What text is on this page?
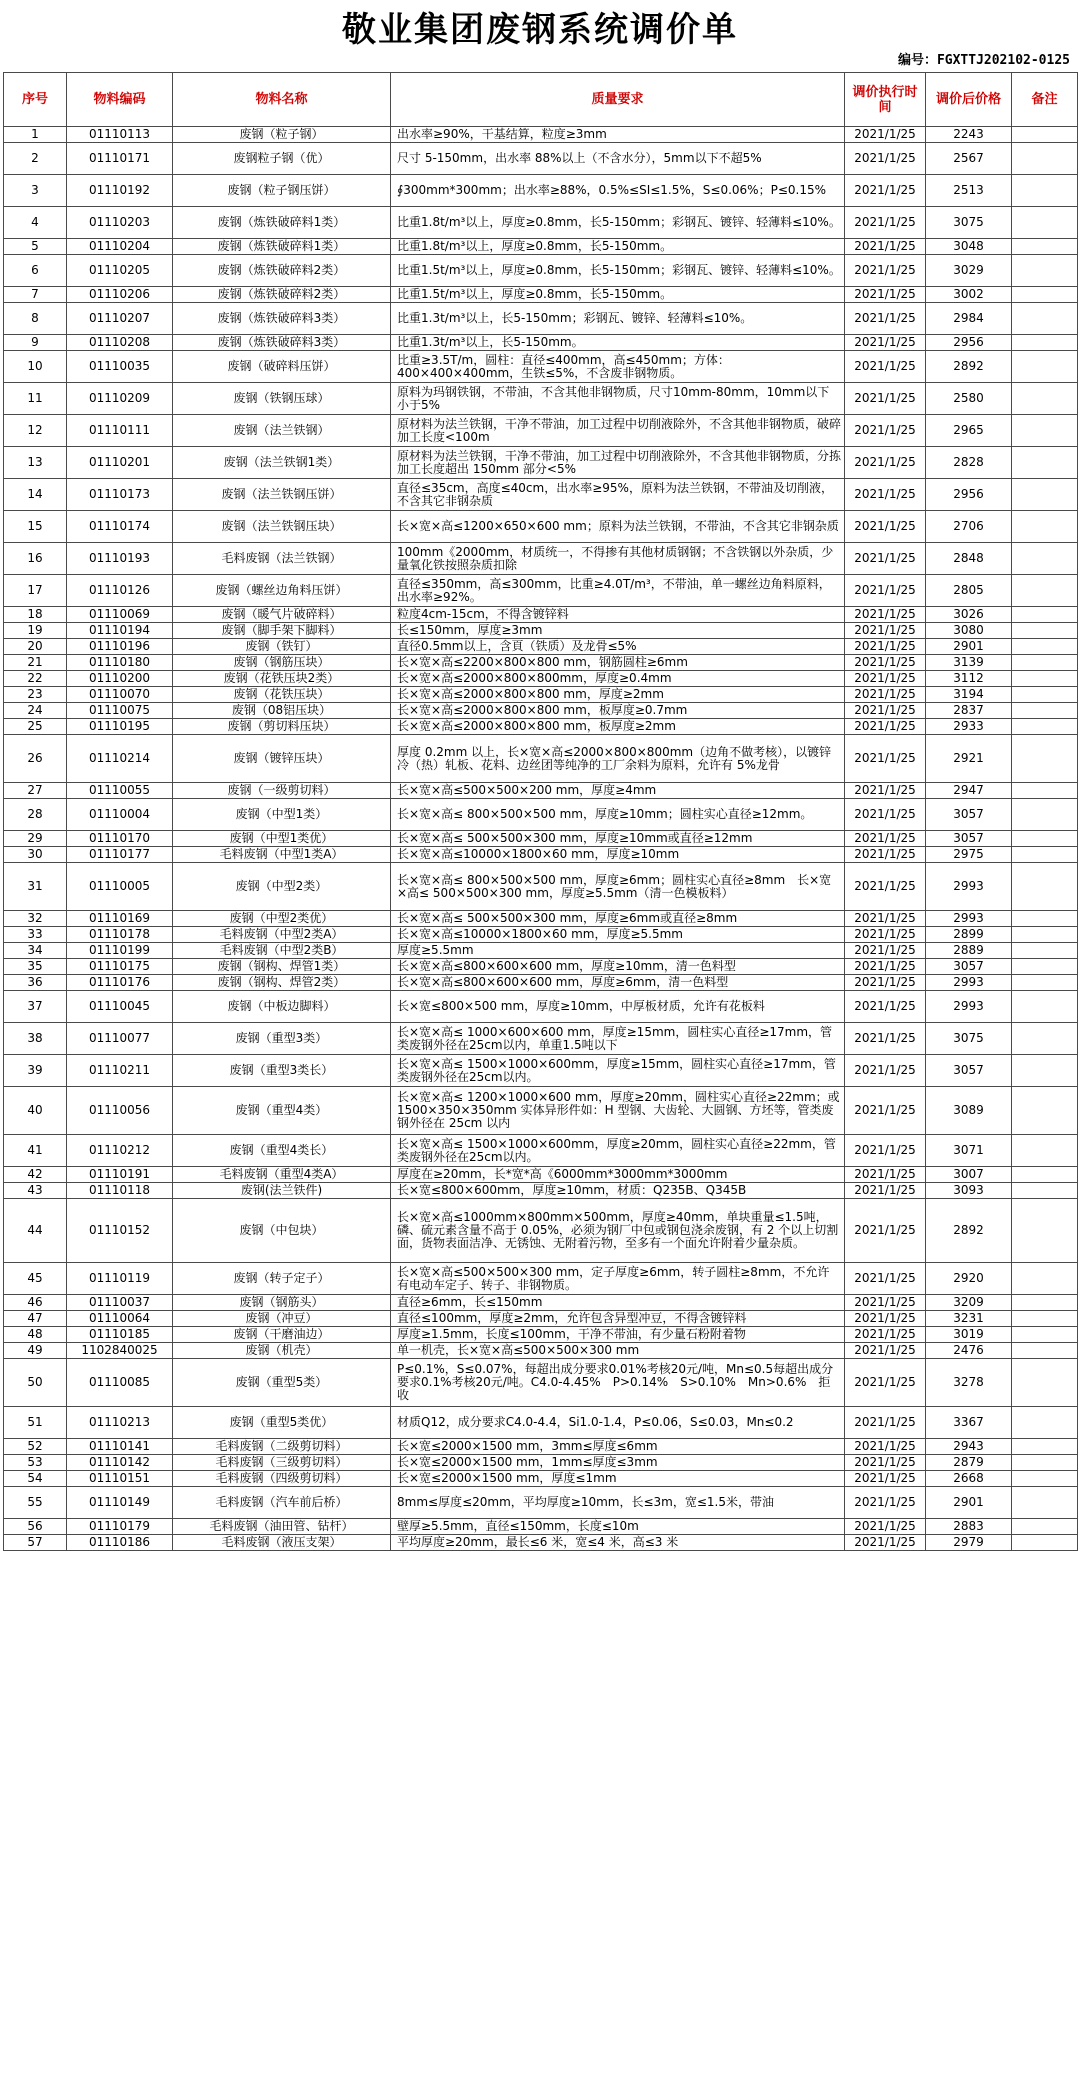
敬业集团废钢系统调价单
编号：FGXTTJ202102-0125
序号	物料编码	物料名称	质量要求	调价执行时间	调价后价格	备注
1	01110113	废钢（粒子钢）	出水率≥90%，干基结算，粒度≥3mm	2021/1/25	2243	
2	01110171	废钢粒子钢（优）	尺寸 5-150mm，出水率 88%以上（不含水分），5mm以下不超5%	2021/1/25	2567	
3	01110192	废钢（粒子钢压饼）	∮300mm*300mm；出水率≥88%，0.5%≤SI≤1.5%，S≤0.06%；P≤0.15%	2021/1/25	2513	
4	01110203	废钢（炼铁破碎料1类）	比重1.8t/m³以上，厚度≥0.8mm，长5-150mm；彩钢瓦、镀锌、轻薄料≤10%。	2021/1/25	3075	
5	01110204	废钢（炼铁破碎料1类）	比重1.8t/m³以上，厚度≥0.8mm，长5-150mm。	2021/1/25	3048	
6	01110205	废钢（炼铁破碎料2类）	比重1.5t/m³以上，厚度≥0.8mm，长5-150mm；彩钢瓦、镀锌、轻薄料≤10%。	2021/1/25	3029	
7	01110206	废钢（炼铁破碎料2类）	比重1.5t/m³以上，厚度≥0.8mm，长5-150mm。	2021/1/25	3002	
8	01110207	废钢（炼铁破碎料3类）	比重1.3t/m³以上，长5-150mm；彩钢瓦、镀锌、轻薄料≤10%。	2021/1/25	2984	
9	01110208	废钢（炼铁破碎料3类）	比重1.3t/m³以上，长5-150mm。	2021/1/25	2956	
10	01110035	废钢（破碎料压饼）	比重≥3.5T/m，圆柱：直径≤400mm，高≤450mm；方体：400×400×400mm，生铁≤5%，不含废非钢物质。	2021/1/25	2892	
11	01110209	废钢（铁钢压球）	原料为玛钢铁钢，不带油，不含其他非钢物质，尺寸10mm-80mm，10mm以下小于5%	2021/1/25	2580	
12	01110111	废钢（法兰铁钢）	原材料为法兰铁钢，干净不带油，加工过程中切削液除外，不含其他非钢物质，破碎加工长度<100m	2021/1/25	2965	
13	01110201	废钢（法兰铁钢1类）	原材料为法兰铁钢，干净不带油，加工过程中切削液除外，不含其他非钢物质，分拣加工长度超出 150mm 部分<5%	2021/1/25	2828	
14	01110173	废钢（法兰铁钢压饼）	直径≤35cm，高度≤40cm，出水率≥95%，原料为法兰铁钢，不带油及切削液，不含其它非钢杂质	2021/1/25	2956	
15	01110174	废钢（法兰铁钢压块）	长×宽×高≤1200×650×600 mm；原料为法兰铁钢，不带油，不含其它非钢杂质	2021/1/25	2706	
16	01110193	毛料废钢（法兰铁钢）	100mm《2000mm，材质统一，不得掺有其他材质钢钢；不含铁钢以外杂质，少量氧化铁按照杂质扣除	2021/1/25	2848	
17	01110126	废钢（螺丝边角料压饼）	直径≤350mm，高≤300mm，比重≥4.0T/m³，不带油，单一螺丝边角料原料，出水率≥92%。	2021/1/25	2805	
18	01110069	废钢（暖气片破碎料）	粒度4cm-15cm，不得含镀锌料	2021/1/25	3026	
19	01110194	废钢（脚手架下脚料）	长≤150mm，厚度≥3mm	2021/1/25	3080	
20	01110196	废钢（铁钉）	直径0.5mm以上，含頁（铁质）及龙骨≤5%	2021/1/25	2901	
21	01110180	废钢（钢筋压块）	长×宽×高≤2200×800×800 mm，钢筋圆柱≥6mm	2021/1/25	3139	
22	01110200	废钢（花铁压块2类）	长×宽×高≤2000×800×800mm，厚度≥0.4mm	2021/1/25	3112	
23	01110070	废钢（花铁压块）	长×宽×高≤2000×800×800 mm，厚度≥2mm	2021/1/25	3194	
24	01110075	废钢（08铝压块）	长×宽×高≤2000×800×800 mm，板厚度≥0.7mm	2021/1/25	2837	
25	01110195	废钢（剪切料压块）	长×宽×高≤2000×800×800 mm，板厚度≥2mm	2021/1/25	2933	
26	01110214	废钢（镀锌压块）	厚度 0.2mm 以上，长×宽×高≤2000×800×800mm（边角不做考核），以镀锌冷（热）轧板、花料、边丝团等纯净的工厂余料为原料，允许有 5%龙骨	2021/1/25	2921	
27	01110055	废钢（一级剪切料）	长×宽×高≤500×500×200 mm，厚度≥4mm	2021/1/25	2947	
28	01110004	废钢（中型1类）	长×宽×高≤ 800×500×500 mm，厚度≥10mm；圆柱实心直径≥12mm。	2021/1/25	3057	
29	01110170	废钢（中型1类优）	长×宽×高≤ 500×500×300 mm，厚度≥10mm或直径≥12mm	2021/1/25	3057	
30	01110177	毛料废钢（中型1类A）	长×宽×高≤10000×1800×60 mm，厚度≥10mm	2021/1/25	2975	
31	01110005	废钢（中型2类）	长×宽×高≤ 800×500×500 mm，厚度≥6mm；圆柱实心直径≥8mm　长×宽×高≤ 500×500×300 mm，厚度≥5.5mm（清一色模板料）	2021/1/25	2993	
32	01110169	废钢（中型2类优）	长×宽×高≤ 500×500×300 mm，厚度≥6mm或直径≥8mm	2021/1/25	2993	
33	01110178	毛料废钢（中型2类A）	长×宽×高≤10000×1800×60 mm，厚度≥5.5mm	2021/1/25	2899	
34	01110199	毛料废钢（中型2类B）	厚度≥5.5mm	2021/1/25	2889	
35	01110175	废钢（钢构、焊管1类）	长×宽×高≤800×600×600 mm，厚度≥10mm，清一色料型	2021/1/25	3057	
36	01110176	废钢（钢构、焊管2类）	长×宽×高≤800×600×600 mm，厚度≥6mm，清一色料型	2021/1/25	2993	
37	01110045	废钢（中板边脚料）	长×宽≤800×500 mm，厚度≥10mm，中厚板材质，允许有花板料	2021/1/25	2993	
38	01110077	废钢（重型3类）	长×宽×高≤ 1000×600×600 mm，厚度≥15mm，圆柱实心直径≥17mm，管类废钢外径在25cm以内，单重1.5吨以下	2021/1/25	3075	
39	01110211	废钢（重型3类长）	长×宽×高≤ 1500×1000×600mm，厚度≥15mm，圆柱实心直径≥17mm，管类废钢外径在25cm以内。	2021/1/25	3057	
40	01110056	废钢（重型4类）	长×宽×高≤ 1200×1000×600 mm，厚度≥20mm，圆柱实心直径≥22mm；或 1500×350×350mm 实体异形件如：H 型钢、大齿轮、大圆钢、方坯等，管类废钢外径在 25cm 以内	2021/1/25	3089	
41	01110212	废钢（重型4类长）	长×宽×高≤ 1500×1000×600mm，厚度≥20mm，圆柱实心直径≥22mm，管类废钢外径在25cm以内。	2021/1/25	3071	
42	01110191	毛料废钢（重型4类A）	厚度在≥20mm，长*宽*高《6000mm*3000mm*3000mm	2021/1/25	3007	
43	01110118	废钢(法兰铁件)	长×宽≤800×600mm，厚度≥10mm，材质：Q235B、Q345B	2021/1/25	3093	
44	01110152	废钢（中包块）	长×宽×高≤1000mm×800mm×500mm，厚度≥40mm，单块重量≤1.5吨，磷、硫元素含量不高于 0.05%，必须为钢厂中包或钢包浇余废钢，有 2 个以上切割面，货物表面洁净、无锈蚀、无附着污物，至多有一个面允许附着少量杂质。	2021/1/25	2892	
45	01110119	废钢（转子定子）	长×宽×高≤500×500×300 mm，定子厚度≥6mm，转子圆柱≥8mm，不允许有电动车定子、转子、非钢物质。	2021/1/25	2920	
46	01110037	废钢（钢筋头）	直径≥6mm，长≤150mm	2021/1/25	3209	
47	01110064	废钢（冲豆）	直径≤100mm，厚度≥2mm，允许包含异型冲豆，不得含镀锌料	2021/1/25	3231	
48	01110185	废钢（干磨油边）	厚度≥1.5mm，长度≤100mm，干净不带油，有少量石粉附着物	2021/1/25	3019	
49	1102840025	废钢（机壳）	单一机壳，长×宽×高≤500×500×300 mm	2021/1/25	2476	
50	01110085	废钢（重型5类）	P≤0.1%，S≤0.07%，每超出成分要求0.01%考核20元/吨，Mn≤0.5每超出成分要求0.1%考核20元/吨。C4.0-4.45%　P>0.14%　S>0.10%　Mn>0.6%　拒收	2021/1/25	3278	
51	01110213	废钢（重型5类优）	材质Q12，成分要求C4.0-4.4，Si1.0-1.4，P≤0.06，S≤0.03，Mn≤0.2	2021/1/25	3367	
52	01110141	毛料废钢（二级剪切料）	长×宽≤2000×1500 mm，3mm≤厚度≤6mm	2021/1/25	2943	
53	01110142	毛料废钢（三级剪切料）	长×宽≤2000×1500 mm，1mm≤厚度≤3mm	2021/1/25	2879	
54	01110151	毛料废钢（四级剪切料）	长×宽≤2000×1500 mm，厚度≤1mm	2021/1/25	2668	
55	01110149	毛料废钢（汽车前后桥）	8mm≤厚度≤20mm，平均厚度≥10mm，长≤3m，宽≤1.5米，带油	2021/1/25	2901	
56	01110179	毛料废钢（油田管、钻杆）	壁厚≥5.5mm，直径≤150mm，长度≤10m	2021/1/25	2883	
57	01110186	毛料废钢（液压支架）	平均厚度≥20mm，最长≤6 米，宽≤4 米，高≤3 米	2021/1/25	2979	
